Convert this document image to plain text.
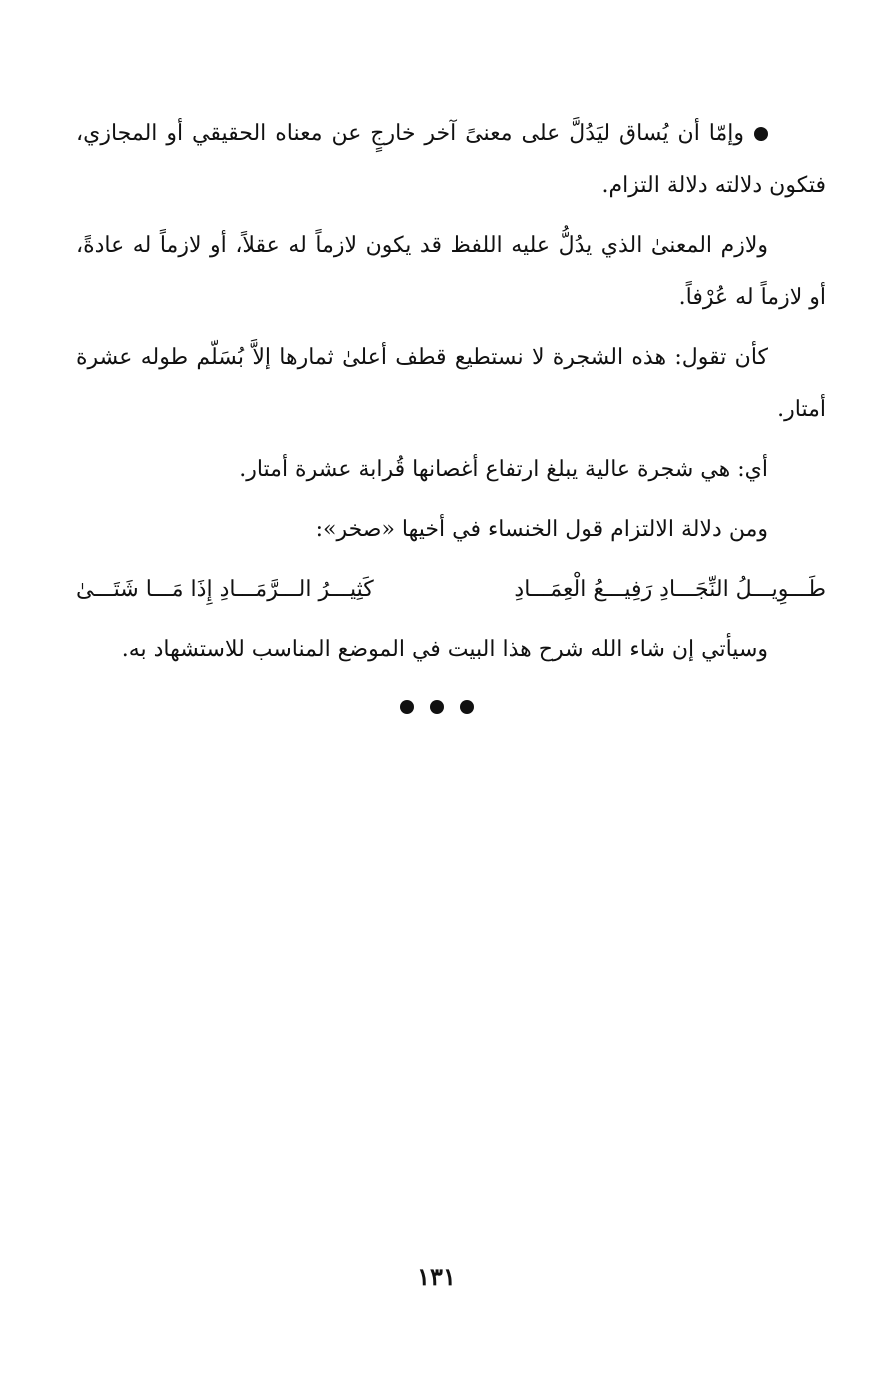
وإمّا أن يُساق ليَدُلَّ على معنىً آخر خارجٍ عن معناه الحقيقي أو المجازي، فتكون دلالته دلالة التزام.

ولازم المعنىٰ الذي يدُلُّ عليه اللفظ قد يكون لازماً له عقلاً، أو لازماً له عادةً، أو لازماً له عُرْفاً.

كأن تقول: هذه الشجرة لا نستطيع قطف أعلىٰ ثمارها إلاَّ بُسَلّم طوله عشرة أمتار.

أي: هي شجرة عالية يبلغ ارتفاع أغصانها قُرابة عشرة أمتار.

ومن دلالة الالتزام قول الخنساء في أخيها «صخر»:

طَـــوِيـــلُ النِّجَـــادِ رَفِيـــعُ الْعِمَـــادِ
كَثِيـــرُ الـــرَّمَـــادِ إِذَا مَـــا شَتَـــىٰ

وسيأتي إن شاء الله شرح هذا البيت في الموضع المناسب للاستشهاد به.

١٣١
